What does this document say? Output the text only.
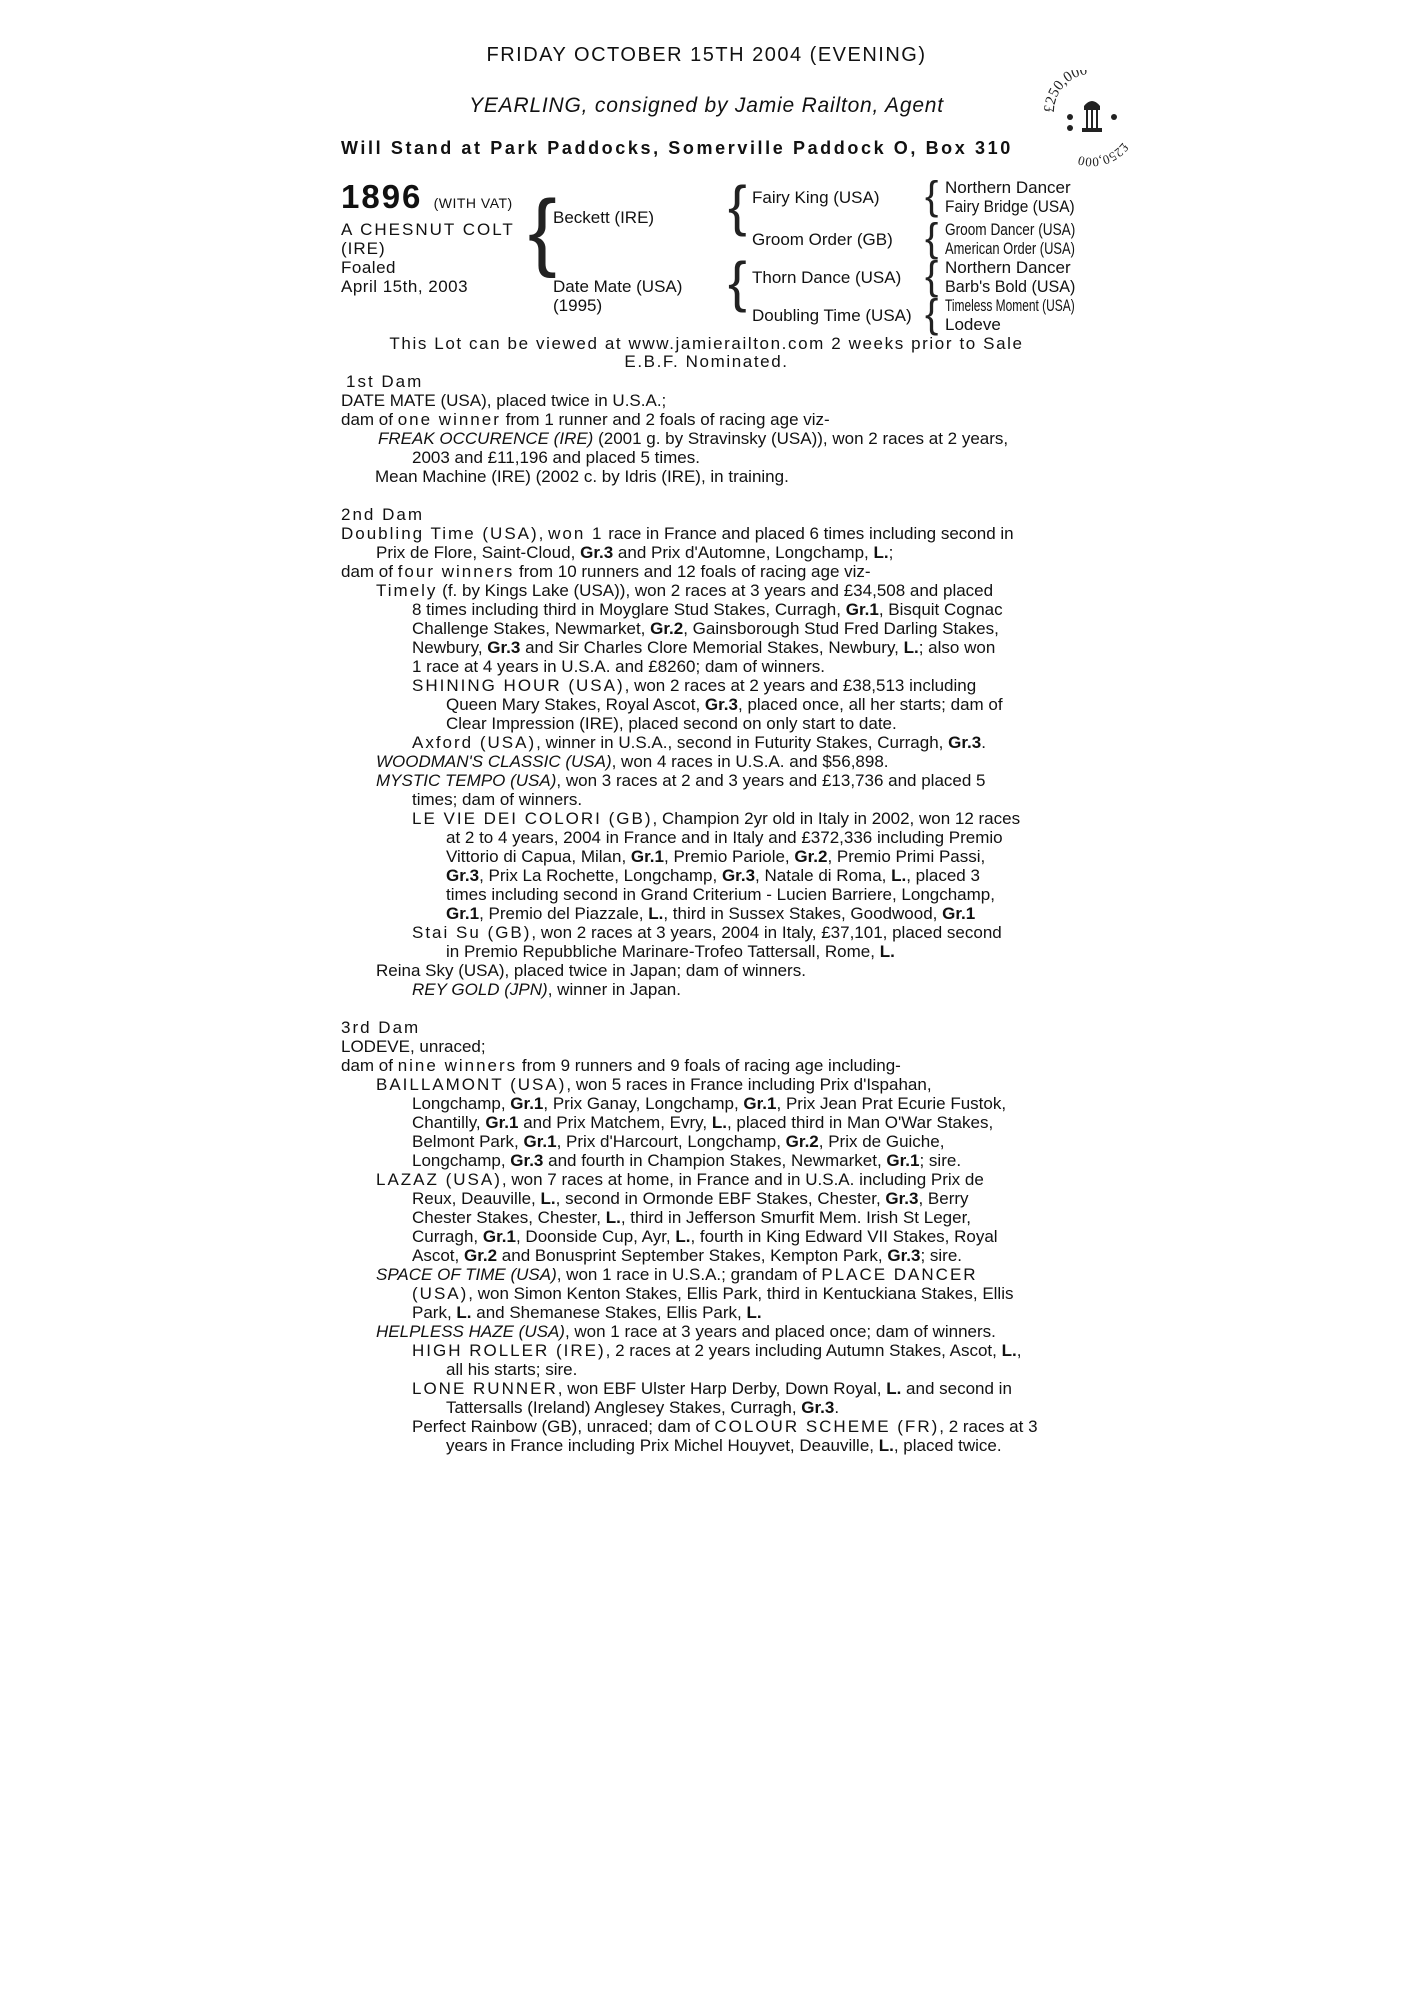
FRIDAY OCTOBER 15TH 2004 (EVENING)
YEARLING, consigned by Jamie Railton, Agent
Will Stand at Park Paddocks, Somerville Paddock O, Box 310
£250,000
£250,000
1896 (WITH VAT)
A CHESNUT COLT
(IRE)
Foaled
April 15th, 2003
{
Beckett (IRE)
Date Mate (USA)
(1995)
{
{
Fairy King (USA)
Groom Order (GB)
Thorn Dance (USA)
Doubling Time (USA)
{
{
{
{
Northern Dancer
Fairy Bridge (USA)
Groom Dancer (USA)
American Order (USA)
Northern Dancer
Barb's Bold (USA)
Timeless Moment (USA)
Lodeve
This Lot can be viewed at www.jamierailton.com 2 weeks prior to Sale
E.B.F. Nominated.
1st Dam
DATE MATE (USA), placed twice in U.S.A.;
dam of one winner from 1 runner and 2 foals of racing age viz-
FREAK OCCURENCE (IRE) (2001 g. by Stravinsky (USA)), won 2 races at 2 years,
2003 and £11,196 and placed 5 times.
Mean Machine (IRE) (2002 c. by Idris (IRE), in training.
2nd Dam
Doubling Time (USA), won 1 race in France and placed 6 times including second in
Prix de Flore, Saint-Cloud, Gr.3 and Prix d'Automne, Longchamp, L.;
dam of four winners from 10 runners and 12 foals of racing age viz-
Timely (f. by Kings Lake (USA)), won 2 races at 3 years and £34,508 and placed
8 times including third in Moyglare Stud Stakes, Curragh, Gr.1, Bisquit Cognac
Challenge Stakes, Newmarket, Gr.2, Gainsborough Stud Fred Darling Stakes,
Newbury, Gr.3 and Sir Charles Clore Memorial Stakes, Newbury, L.; also won
1 race at 4 years in U.S.A. and £8260; dam of winners.
SHINING HOUR (USA), won 2 races at 2 years and £38,513 including
Queen Mary Stakes, Royal Ascot, Gr.3, placed once, all her starts; dam of
Clear Impression (IRE), placed second on only start to date.
Axford (USA), winner in U.S.A., second in Futurity Stakes, Curragh, Gr.3.
WOODMAN'S CLASSIC (USA), won 4 races in U.S.A. and $56,898.
MYSTIC TEMPO (USA), won 3 races at 2 and 3 years and £13,736 and placed 5
times; dam of winners.
LE VIE DEI COLORI (GB), Champion 2yr old in Italy in 2002, won 12 races
at 2 to 4 years, 2004 in France and in Italy and £372,336 including Premio
Vittorio di Capua, Milan, Gr.1, Premio Pariole, Gr.2, Premio Primi Passi,
Gr.3, Prix La Rochette, Longchamp, Gr.3, Natale di Roma, L., placed 3
times including second in Grand Criterium - Lucien Barriere, Longchamp,
Gr.1, Premio del Piazzale, L., third in Sussex Stakes, Goodwood, Gr.1
Stai Su (GB), won 2 races at 3 years, 2004 in Italy, £37,101, placed second
in Premio Repubbliche Marinare-Trofeo Tattersall, Rome, L.
Reina Sky (USA), placed twice in Japan; dam of winners.
REY GOLD (JPN), winner in Japan.
3rd Dam
LODEVE, unraced;
dam of nine winners from 9 runners and 9 foals of racing age including-
BAILLAMONT (USA), won 5 races in France including Prix d'Ispahan,
Longchamp, Gr.1, Prix Ganay, Longchamp, Gr.1, Prix Jean Prat Ecurie Fustok,
Chantilly, Gr.1 and Prix Matchem, Evry, L., placed third in Man O'War Stakes,
Belmont Park, Gr.1, Prix d'Harcourt, Longchamp, Gr.2, Prix de Guiche,
Longchamp, Gr.3 and fourth in Champion Stakes, Newmarket, Gr.1; sire.
LAZAZ (USA), won 7 races at home, in France and in U.S.A. including Prix de
Reux, Deauville, L., second in Ormonde EBF Stakes, Chester, Gr.3, Berry
Chester Stakes, Chester, L., third in Jefferson Smurfit Mem. Irish St Leger,
Curragh, Gr.1, Doonside Cup, Ayr, L., fourth in King Edward VII Stakes, Royal
Ascot, Gr.2 and Bonusprint September Stakes, Kempton Park, Gr.3; sire.
SPACE OF TIME (USA), won 1 race in U.S.A.; grandam of PLACE DANCER
(USA), won Simon Kenton Stakes, Ellis Park, third in Kentuckiana Stakes, Ellis
Park, L. and Shemanese Stakes, Ellis Park, L.
HELPLESS HAZE (USA), won 1 race at 3 years and placed once; dam of winners.
HIGH ROLLER (IRE), 2 races at 2 years including Autumn Stakes, Ascot, L.,
all his starts; sire.
LONE RUNNER, won EBF Ulster Harp Derby, Down Royal, L. and second in
Tattersalls (Ireland) Anglesey Stakes, Curragh, Gr.3.
Perfect Rainbow (GB), unraced; dam of COLOUR SCHEME (FR), 2 races at 3
years in France including Prix Michel Houyvet, Deauville, L., placed twice.
